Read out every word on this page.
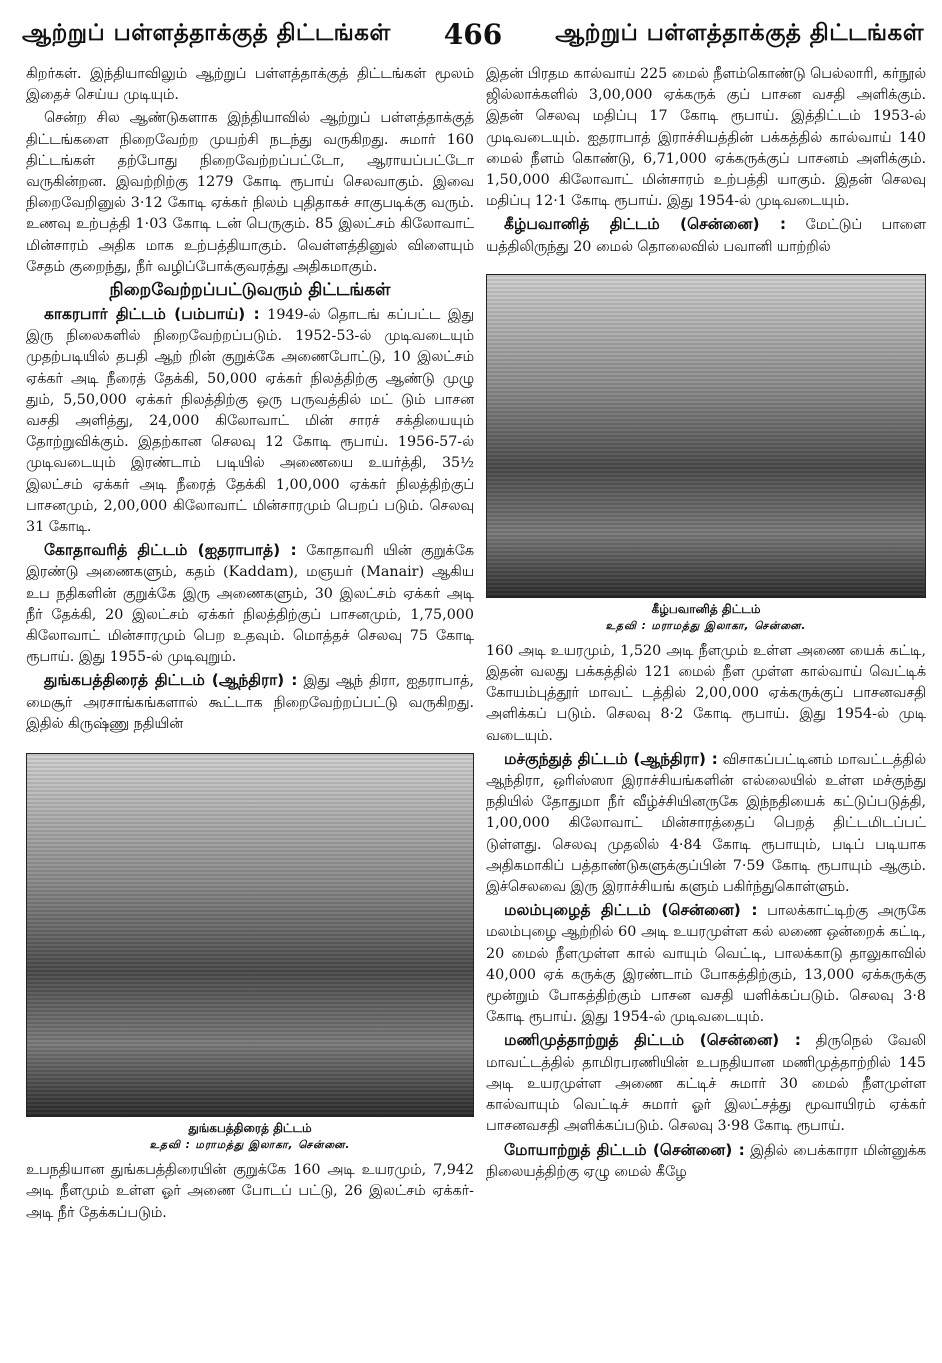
ஆற்றுப் பள்ளத்தாக்குத் திட்டங்கள் 466 ஆற்றுப் பள்ளத்தாக்குத் திட்டங்கள்

கிறர்கள். இந்தியாவிலும் ஆற்றுப் பள்ளத்தாக்குத் திட்டங்கள் மூலம் இதைச் செய்ய முடியும்.

சென்ற சில ஆண்டுகளாக இந்தியாவில் ஆற்றுப் பள்ளத்தாக்குத் திட்டங்களை நிறைவேற்ற முயற்சி நடந்து வருகிறது. சுமார் 160 திட்டங்கள் தற்போது நிறைவேற்றப்பட்டோ, ஆராயப்பட்டோ வருகின்றன. இவற்றிற்கு 1279 கோடி ரூபாய் செலவாகும். இவை நிறைவேறினுல் 3·12 கோடி ஏக்கர் நிலம் புதிதாகச் சாகுபடிக்கு வரும். உணவு உற்பத்தி 1·03 கோடி டன் பெருகும். 85 இலட்சம் கிலோவாட் மின்சாரம் அதிக மாக உற்பத்தியாகும். வெள்ளத்தினுல் விளையும் சேதம் குறைந்து, நீர் வழிப்போக்குவரத்து அதிகமாகும்.

நிறைவேற்றப்பட்டுவரும் திட்டங்கள்

காகரபார் திட்டம் (பம்பாய்) : 1949-ல் தொடங் கப்பட்ட இது இரு நிலைகளில் நிறைவேற்றப்படும். 1952-53-ல் முடிவடையும் முதற்படியில் தபதி ஆற் றின் குறுக்கே அணைபோட்டு, 10 இலட்சம் ஏக்கர் அடி நீரைத் தேக்கி, 50,000 ஏக்கர் நிலத்திற்கு ஆண்டு முழு தும், 5,50,000 ஏக்கர் நிலத்திற்கு ஒரு பருவத்தில் மட் டும் பாசன வசதி அளித்து, 24,000 கிலோவாட் மின் சாரச் சக்தியையும் தோற்றுவிக்கும். இதற்கான செலவு 12 கோடி ரூபாய். 1956-57-ல் முடிவடையும் இரண்டாம் படியில் அணையை உயர்த்தி, 35½ இலட்சம் ஏக்கர் அடி நீரைத் தேக்கி 1,00,000 ஏக்கர் நிலத்திற்குப் பாசனமும், 2,00,000 கிலோவாட் மின்சாரமும் பெறப் படும். செலவு 31 கோடி.

கோதாவரித் திட்டம் (ஐதராபாத்) : கோதாவரி யின் குறுக்கே இரண்டு அணைகளும், கதம் (Kaddam), மஞயர் (Manair) ஆகிய உப நதிகளின் குறுக்கே இரு அணைகளும், 30 இலட்சம் ஏக்கர் அடி நீர் தேக்கி, 20 இலட்சம் ஏக்கர் நிலத்திற்குப் பாசனமும், 1,75,000 கிலோவாட் மின்சாரமும் பெற உதவும். மொத்தச் செலவு 75 கோடி ரூபாய். இது 1955-ல் முடிவுறும்.

துங்கபத்திரைத் திட்டம் (ஆந்திரா) : இது ஆந் திரா, ஐதராபாத், மைசூர் அரசாங்கங்களால் கூட்டாக நிறைவேற்றப்பட்டு வருகிறது. இதில் கிருஷ்ணு நதியின்

துங்கபத்திரைத் திட்டம்
உதவி : மராமத்து இலாகா, சென்னை.

உபநதியான துங்கபத்திரையின் குறுக்கே 160 அடி உயரமும், 7,942 அடி நீளமும் உள்ள ஓர் அணை போடப் பட்டு, 26 இலட்சம் ஏக்கர்-அடி நீர் தேக்கப்படும்.

இதன் பிரதம கால்வாய் 225 மைல் நீளம்கொண்டு பெல்லாரி, கர்நூல் ஜில்லாக்களில் 3,00,000 ஏக்கருக் குப் பாசன வசதி அளிக்கும். இதன் செலவு மதிப்பு 17 கோடி ரூபாய். இத்திட்டம் 1953-ல் முடிவடையும். ஐதராபாத் இராச்சியத்தின் பக்கத்தில் கால்வாய் 140 மைல் நீளம் கொண்டு, 6,71,000 ஏக்கருக்குப் பாசனம் அளிக்கும். 1,50,000 கிலோவாட் மின்சாரம் உற்பத்தி யாகும். இதன் செலவு மதிப்பு 12·1 கோடி ரூபாய். இது 1954-ல் முடிவடையும்.

கீழ்பவானித் திட்டம் (சென்னை) : மேட்டுப் பாளை யத்திலிருந்து 20 மைல் தொலைவில் பவானி யாற்றில்

கீழ்பவானித் திட்டம்
உதவி : மராமத்து இலாகா, சென்னை.

160 அடி உயரமும், 1,520 அடி நீளமும் உள்ள அணை யைக் கட்டி, இதன் வலது பக்கத்தில் 121 மைல் நீள முள்ள கால்வாய் வெட்டிக் கோயம்புத்தூர் மாவட் டத்தில் 2,00,000 ஏக்கருக்குப் பாசனவசதி அளிக்கப் படும். செலவு 8·2 கோடி ரூபாய். இது 1954-ல் முடி வடையும்.

மச்குந்துத் திட்டம் (ஆந்திரா) : விசாகப்பட்டினம் மாவட்டத்தில் ஆந்திரா, ஒரிஸ்ஸா இராச்சியங்களின் எல்லையில் உள்ள மச்குந்து நதியில் தோதுமா நீர் வீழ்ச்சியினருகே இந்நதியைக் கட்டுப்படுத்தி, 1,00,000 கிலோவாட் மின்சாரத்தைப் பெறத் திட்டமிடப்பட் டுள்ளது. செலவு முதலில் 4·84 கோடி ரூபாயும், படிப் படியாக அதிகமாகிப் பத்தாண்டுகளுக்குப்பின் 7·59 கோடி ரூபாயும் ஆகும். இச்செலவை இரு இராச்சியங் களும் பகிர்ந்துகொள்ளும்.

மலம்புழைத் திட்டம் (சென்னை) : பாலக்காட்டிற்கு அருகே மலம்புழை ஆற்றில் 60 அடி உயரமுள்ள கல் லணை ஒன்றைக் கட்டி, 20 மைல் நீளமுள்ள கால் வாயும் வெட்டி, பாலக்காடு தாலுகாவில் 40,000 ஏக் கருக்கு இரண்டாம் போகத்திற்கும், 13,000 ஏக்கருக்கு மூன்றும் போகத்திற்கும் பாசன வசதி யளிக்கப்படும். செலவு 3·8 கோடி ரூபாய். இது 1954-ல் முடிவடையும்.

மணிமுத்தாற்றுத் திட்டம் (சென்னை) : திருநெல் வேலி மாவட்டத்தில் தாமிரபரணியின் உபநதியான மணிமுத்தாற்றில் 145 அடி உயரமுள்ள அணை கட்டிச் சுமார் 30 மைல் நீளமுள்ள கால்வாயும் வெட்டிச் சுமார் ஓர் இலட்சத்து மூவாயிரம் ஏக்கர் பாசனவசதி அளிக்கப்படும். செலவு 3·98 கோடி ரூபாய்.

மோயாற்றுத் திட்டம் (சென்னை) : இதில் பைக்காரா மின்னுக்க நிலையத்திற்கு ஏழு மைல் கீழே
